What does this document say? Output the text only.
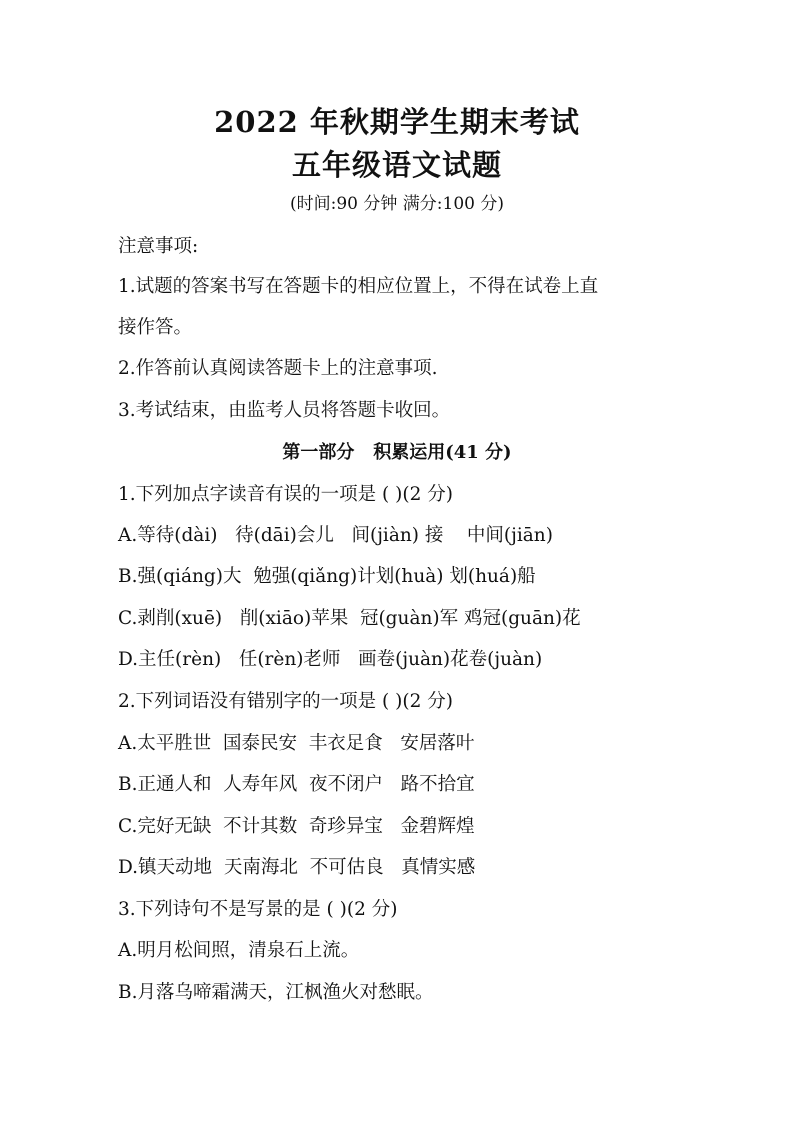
2022 年秋期学生期末考试
五年级语文试题
(时间:90 分钟 满分:100 分)
注意事项:
1.试题的答案书写在答题卡的相应位置上，不得在试卷上直
接作答。
2.作答前认真阅读答题卡上的注意事项.
3.考试结束，由监考人员将答题卡收回。
第一部分   积累运用(41 分)
1.下列加点字读音有误的一项是 ( )(2 分)
A.等待(dài)   待(dāi)会儿   间(jiàn) 接    中间(jiān)
B.强(qiáng)大  勉强(qiǎng)计划(huà) 划(huá)船
C.剥削(xuē)   削(xiāo)苹果  冠(guàn)军 鸡冠(guān)花
D.主任(rèn)   任(rèn)老师   画卷(juàn)花卷(juàn)
2.下列词语没有错别字的一项是 ( )(2 分)
A.太平胜世  国泰民安  丰衣足食   安居落叶
B.正通人和  人寿年风  夜不闭户   路不拾宜
C.完好无缺  不计其数  奇珍异宝   金碧辉煌
D.镇天动地  天南海北  不可估良   真情实感
3.下列诗句不是写景的是 ( )(2 分)
A.明月松间照，清泉石上流。
B.月落乌啼霜满天，江枫渔火对愁眠。
